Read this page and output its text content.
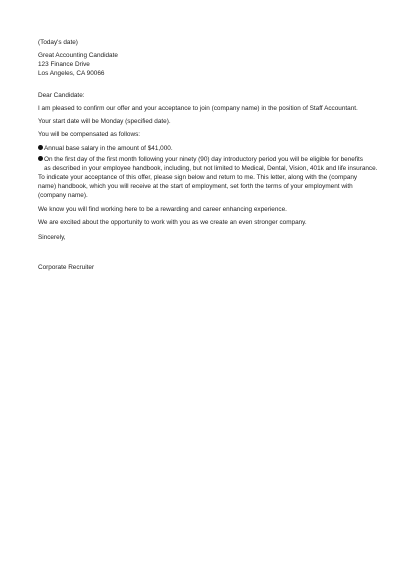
(Today's date)
Great Accounting Candidate
123 Finance Drive
Los Angeles, CA 90066
Dear Candidate:
I am pleased to confirm our offer and your acceptance to join (company name) in the position of Staff Accountant.
Your start date will be Monday (specified date).
You will be compensated as follows:
Annual base salary in the amount of $41,000.
On the first day of the first month following your ninety (90) day introductory period you will be eligible for benefits
as described in your employee handbook, including, but not limited to Medical, Dental, Vision, 401k and life insurance.
To indicate your acceptance of this offer, please sign below and return to me. This letter, along with the (company
name) handbook, which you will receive at the start of employment, set forth the terms of your employment with
(company name).
We know you will find working here to be a rewarding and career enhancing experience.
We are excited about the opportunity to work with you as we create an even stronger company.
Sincerely,
Corporate Recruiter
